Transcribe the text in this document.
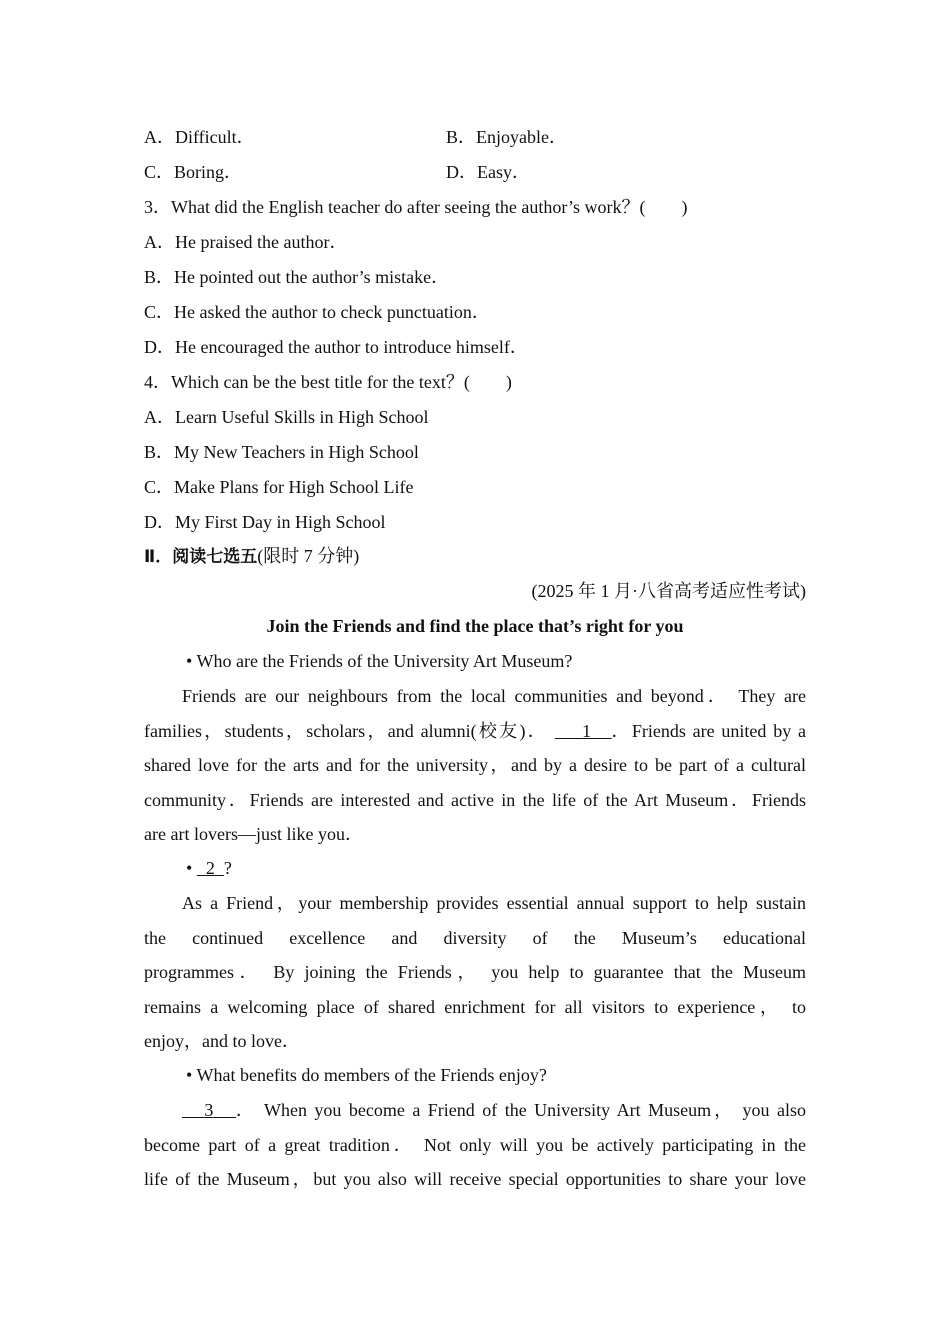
A．Difficult．	B．Enjoyable．
C．Boring．	D．Easy．
3．What did the English teacher do after seeing the author’s work？(　　)
A．He praised the author．
B．He pointed out the author’s mistake．
C．He asked the author to check punctuation．
D．He encouraged the author to introduce himself．
4．Which can be the best title for the text？(　　)
A．Learn Useful Skills in High School
B．My New Teachers in High School
C．Make Plans for High School Life
D．My First Day in High School
Ⅱ．阅读七选五(限时 7 分钟)
(2025 年 1 月·八省高考适应性考试)
Join the Friends and find the place that’s right for you
• Who are the Friends of the University Art Museum?
Friends are our neighbours from the local communities and beyond． They are
families，students，scholars，and alumni(校友)． 1 ．Friends are united by a
shared love for the arts and for the university，and by a desire to be part of a cultural
community．Friends are interested and active in the life of the Art Museum．Friends
are art lovers—just like you．
• 2 ?
As a Friend，your membership provides essential annual support to help sustain
the continued excellence and diversity of the Museum’s educational
programmes． By joining the Friends， you help to guarantee that the Museum
remains a welcoming place of shared enrichment for all visitors to experience， to
enjoy，and to love．
• What benefits do members of the Friends enjoy?
3 ． When you become a Friend of the University Art Museum， you also
become part of a great tradition． Not only will you be actively participating in the
life of the Museum，but you also will receive special opportunities to share your love
